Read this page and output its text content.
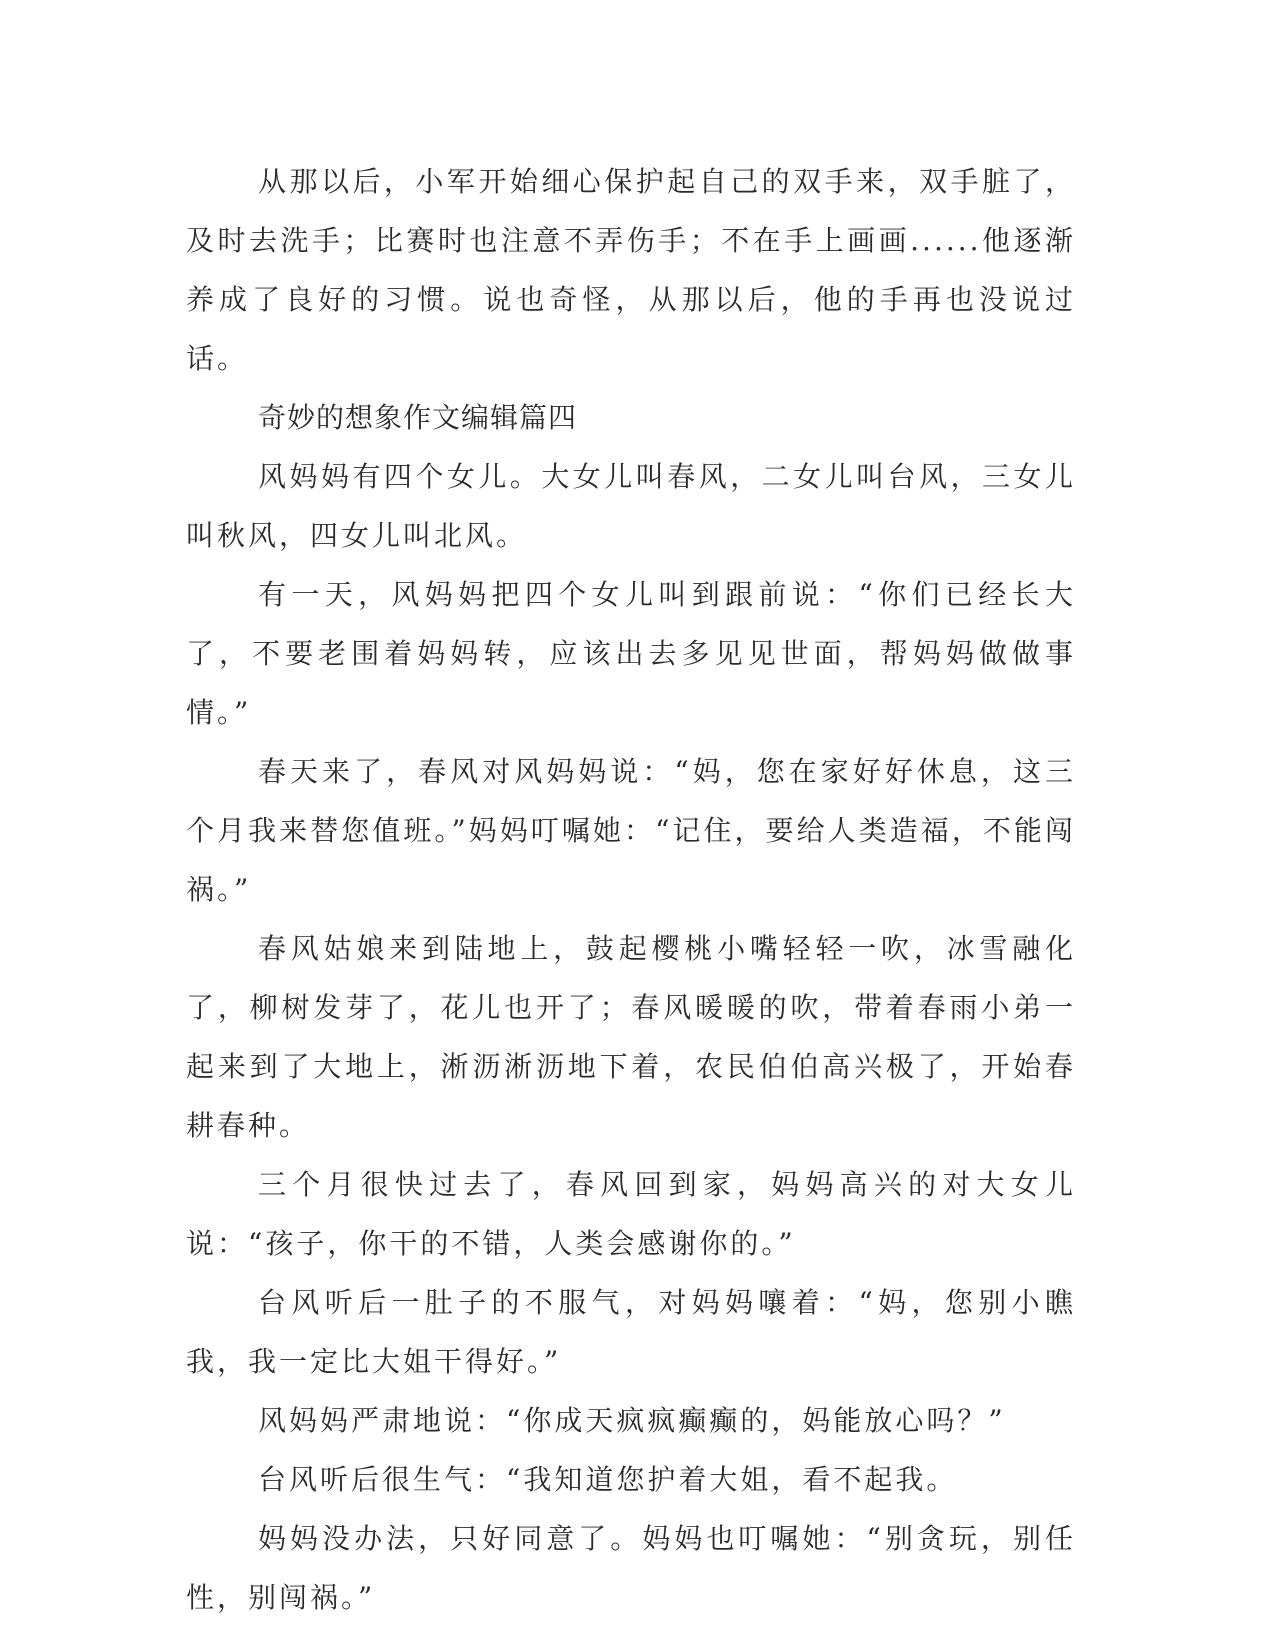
从那以后，小军开始细心保护起自己的双手来，双手脏了，及时去洗手；比赛时也注意不弄伤手；不在手上画画......他逐渐养成了良好的习惯。说也奇怪，从那以后，他的手再也没说过话。

奇妙的想象作文编辑篇四

风妈妈有四个女儿。大女儿叫春风，二女儿叫台风，三女儿叫秋风，四女儿叫北风。

有一天，风妈妈把四个女儿叫到跟前说：“你们已经长大了，不要老围着妈妈转，应该出去多见见世面，帮妈妈做做事情。”

春天来了，春风对风妈妈说：“妈，您在家好好休息，这三个月我来替您值班。”妈妈叮嘱她：“记住，要给人类造福，不能闯祸。”

春风姑娘来到陆地上，鼓起樱桃小嘴轻轻一吹，冰雪融化了，柳树发芽了，花儿也开了；春风暖暖的吹，带着春雨小弟一起来到了大地上，淅沥淅沥地下着，农民伯伯高兴极了，开始春耕春种。

三个月很快过去了，春风回到家，妈妈高兴的对大女儿说：“孩子，你干的不错，人类会感谢你的。”

台风听后一肚子的不服气，对妈妈嚷着：“妈，您别小瞧我，我一定比大姐干得好。”

风妈妈严肃地说：“你成天疯疯癫癫的，妈能放心吗？”

台风听后很生气：“我知道您护着大姐，看不起我。

妈妈没办法，只好同意了。妈妈也叮嘱她：“别贪玩，别任性，别闯祸。”
